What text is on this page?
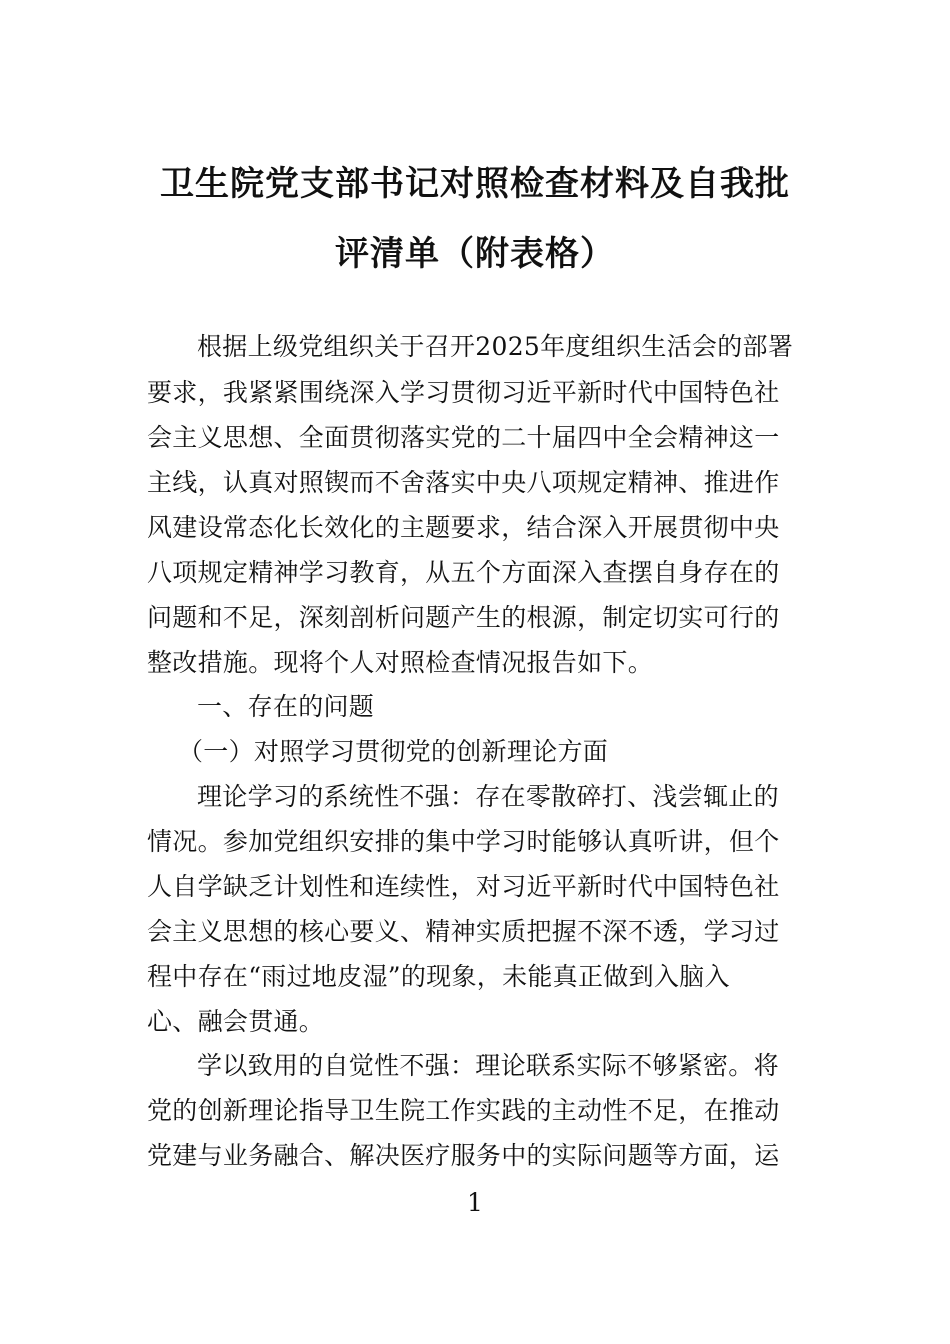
卫生院党支部书记对照检查材料及自我批
评清单（附表格）
根据上级党组织关于召开2025年度组织生活会的部署
要求，我紧紧围绕深入学习贯彻习近平新时代中国特色社
会主义思想、全面贯彻落实党的二十届四中全会精神这一
主线，认真对照锲而不舍落实中央八项规定精神、推进作
风建设常态化长效化的主题要求，结合深入开展贯彻中央
八项规定精神学习教育，从五个方面深入查摆自身存在的
问题和不足，深刻剖析问题产生的根源，制定切实可行的
整改措施。现将个人对照检查情况报告如下。
一、存在的问题
（一）对照学习贯彻党的创新理论方面
理论学习的系统性不强：存在零散碎打、浅尝辄止的
情况。参加党组织安排的集中学习时能够认真听讲，但个
人自学缺乏计划性和连续性，对习近平新时代中国特色社
会主义思想的核心要义、精神实质把握不深不透，学习过
程中存在“雨过地皮湿”的现象，未能真正做到入脑入
心、融会贯通。
学以致用的自觉性不强：理论联系实际不够紧密。将
党的创新理论指导卫生院工作实践的主动性不足，在推动
党建与业务融合、解决医疗服务中的实际问题等方面，运
1
